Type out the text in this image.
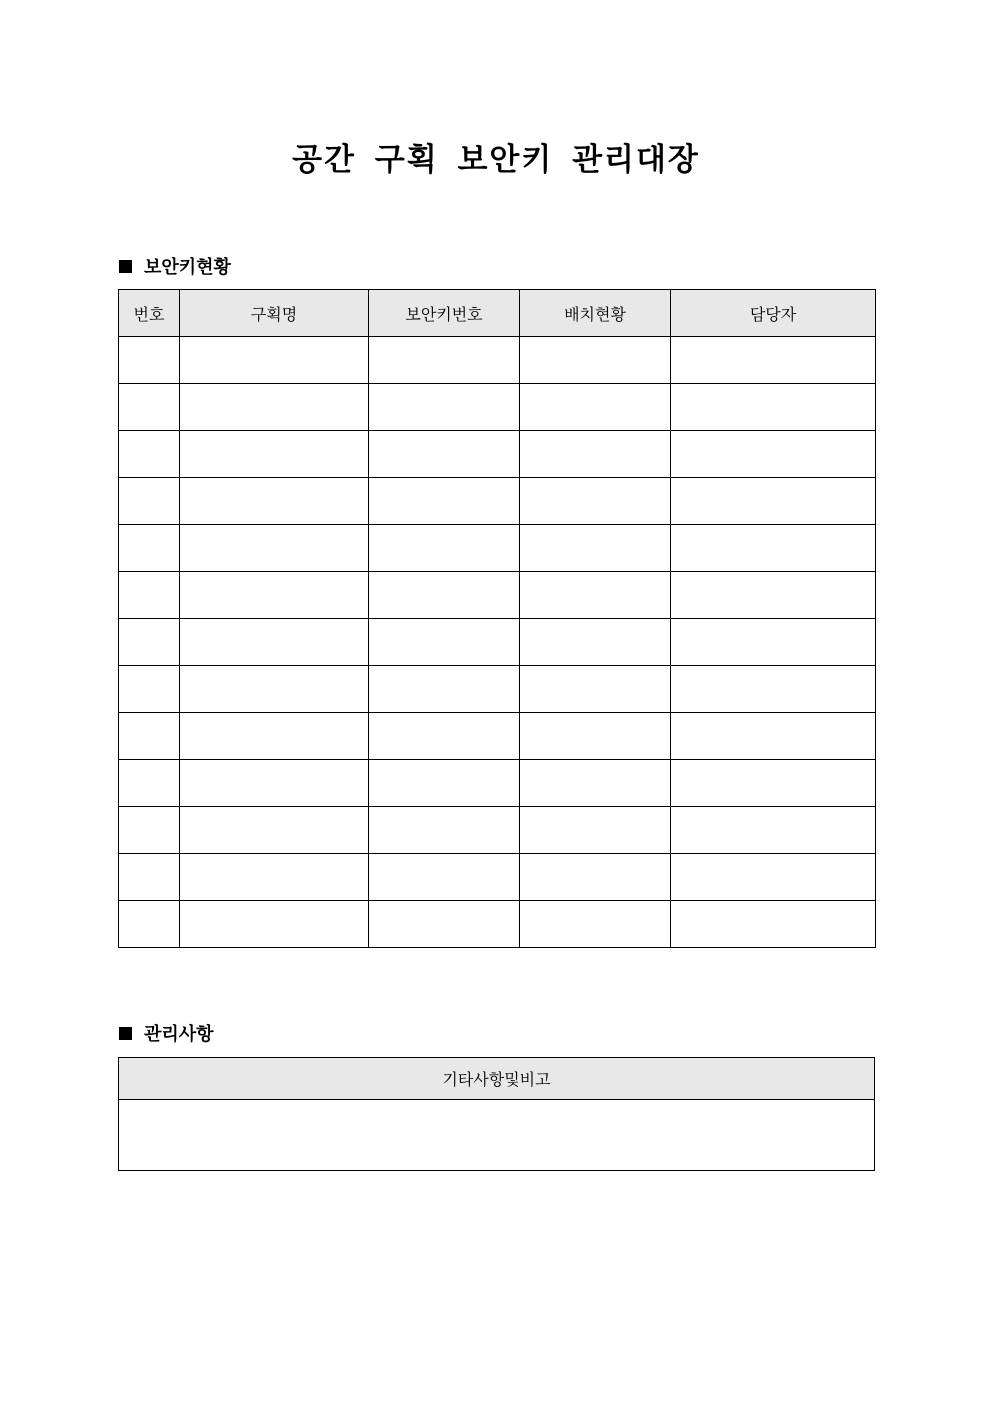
공간 구획 보안키 관리대장
보안키현황
번호	구획명	보안키번호	배치현황	담당자

관리사항
기타사항및비고
